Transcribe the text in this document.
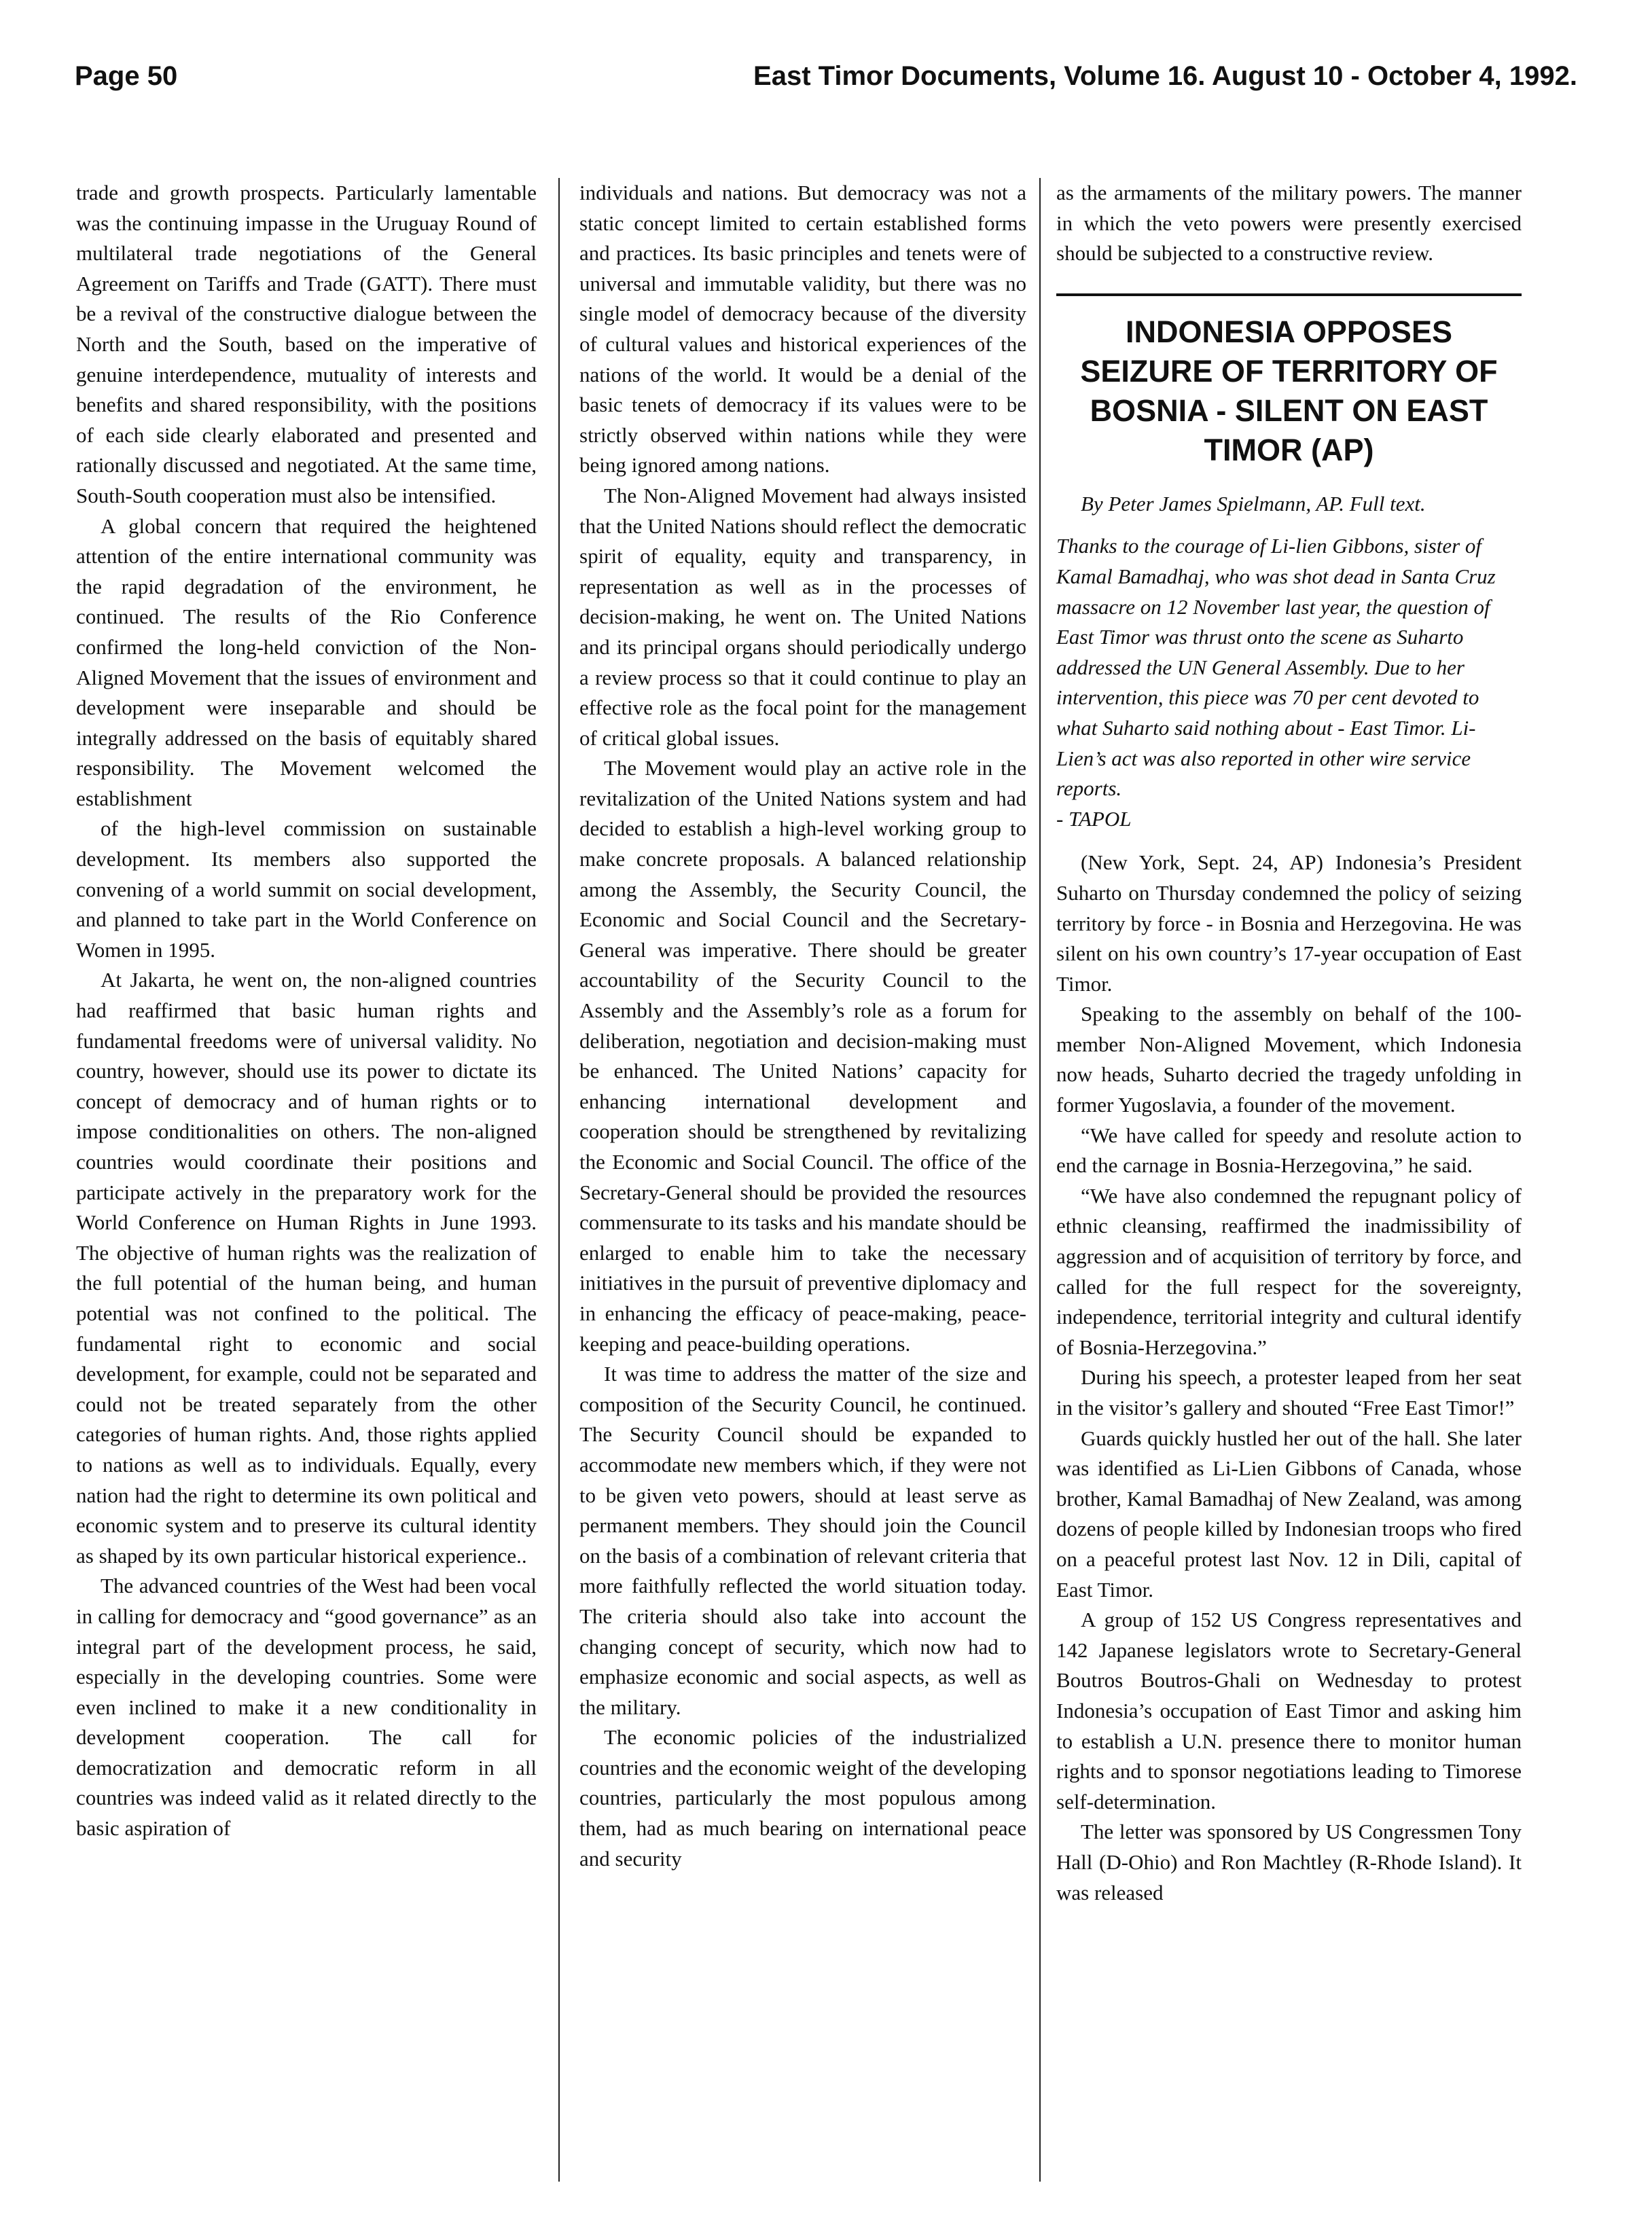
Page 50	East Timor Documents, Volume 16. August 10 - October 4, 1992.

trade and growth prospects. Particularly lamentable was the continuing impasse in the Uruguay Round of multilateral trade negotiations of the General Agreement on Tariffs and Trade (GATT). There must be a revival of the constructive dialogue between the North and the South, based on the imperative of genuine interdependence, mutuality of interests and benefits and shared responsibility, with the positions of each side clearly elaborated and presented and rationally discussed and negotiated. At the same time, South-South cooperation must also be intensified.

A global concern that required the heightened attention of the entire international community was the rapid degradation of the environment, he continued. The results of the Rio Conference confirmed the long-held conviction of the Non-Aligned Movement that the issues of environment and development were inseparable and should be integrally addressed on the basis of equitably shared responsibility. The Movement welcomed the establishment

of the high-level commission on sustainable development. Its members also supported the convening of a world summit on social development, and planned to take part in the World Conference on Women in 1995.

At Jakarta, he went on, the non-aligned countries had reaffirmed that basic human rights and fundamental freedoms were of universal validity. No country, however, should use its power to dictate its concept of democracy and of human rights or to impose conditionalities on others. The non-aligned countries would coordinate their positions and participate actively in the preparatory work for the World Conference on Human Rights in June 1993. The objective of human rights was the realization of the full potential of the human being, and human potential was not confined to the political. The fundamental right to economic and social development, for example, could not be separated and could not be treated separately from the other categories of human rights. And, those rights applied to nations as well as to individuals. Equally, every nation had the right to determine its own political and economic system and to preserve its cultural identity as shaped by its own particular historical experience..

The advanced countries of the West had been vocal in calling for democracy and “good governance” as an integral part of the development process, he said, especially in the developing countries. Some were even inclined to make it a new conditionality in development cooperation. The call for democratization and democratic reform in all countries was indeed valid as it related directly to the basic aspiration of

individuals and nations. But democracy was not a static concept limited to certain established forms and practices. Its basic principles and tenets were of universal and immutable validity, but there was no single model of democracy because of the diversity of cultural values and historical experiences of the nations of the world. It would be a denial of the basic tenets of democracy if its values were to be strictly observed within nations while they were being ignored among nations.

The Non-Aligned Movement had always insisted that the United Nations should reflect the democratic spirit of equality, equity and transparency, in representation as well as in the processes of decision-making, he went on. The United Nations and its principal organs should periodically undergo a review process so that it could continue to play an effective role as the focal point for the management of critical global issues.

The Movement would play an active role in the revitalization of the United Nations system and had decided to establish a high-level working group to make concrete proposals. A balanced relationship among the Assembly, the Security Council, the Economic and Social Council and the Secretary-General was imperative. There should be greater accountability of the Security Council to the Assembly and the Assembly’s role as a forum for deliberation, negotiation and decision-making must be enhanced. The United Nations’ capacity for enhancing international development and cooperation should be strengthened by revitalizing the Economic and Social Council. The office of the Secretary-General should be provided the resources commensurate to its tasks and his mandate should be enlarged to enable him to take the necessary initiatives in the pursuit of preventive diplomacy and in enhancing the efficacy of peace-making, peace-keeping and peace-building operations.

It was time to address the matter of the size and composition of the Security Council, he continued. The Security Council should be expanded to accommodate new members which, if they were not to be given veto powers, should at least serve as permanent members. They should join the Council on the basis of a combination of relevant criteria that more faithfully reflected the world situation today. The criteria should also take into account the changing concept of security, which now had to emphasize economic and social aspects, as well as the military.

The economic policies of the industrialized countries and the economic weight of the developing countries, particularly the most populous among them, had as much bearing on international peace and security

as the armaments of the military powers. The manner in which the veto powers were presently exercised should be subjected to a constructive review.

INDONESIA OPPOSES SEIZURE OF TERRITORY OF BOSNIA - SILENT ON EAST TIMOR (AP)

By Peter James Spielmann, AP. Full text.

Thanks to the courage of Li-lien Gibbons, sister of Kamal Bamadhaj, who was shot dead in Santa Cruz massacre on 12 November last year, the question of East Timor was thrust onto the scene as Suharto addressed the UN General Assembly. Due to her intervention, this piece was 70 per cent devoted to what Suharto said nothing about - East Timor. Li-Lien’s act was also reported in other wire service reports.

- TAPOL

(New York, Sept. 24, AP) Indonesia’s President Suharto on Thursday condemned the policy of seizing territory by force - in Bosnia and Herzegovina. He was silent on his own country’s 17-year occupation of East Timor.

Speaking to the assembly on behalf of the 100-member Non-Aligned Movement, which Indonesia now heads, Suharto decried the tragedy unfolding in former Yugoslavia, a founder of the movement.

“We have called for speedy and resolute action to end the carnage in Bosnia-Herzegovina,” he said.

“We have also condemned the repugnant policy of ethnic cleansing, reaffirmed the inadmissibility of aggression and of acquisition of territory by force, and called for the full respect for the sovereignty, independence, territorial integrity and cultural identify of Bosnia-Herzegovina.”

During his speech, a protester leaped from her seat in the visitor’s gallery and shouted “Free East Timor!”

Guards quickly hustled her out of the hall. She later was identified as Li-Lien Gibbons of Canada, whose brother, Kamal Bamadhaj of New Zealand, was among dozens of people killed by Indonesian troops who fired on a peaceful protest last Nov. 12 in Dili, capital of East Timor.

A group of 152 US Congress representatives and 142 Japanese legislators wrote to Secretary-General Boutros Boutros-Ghali on Wednesday to protest Indonesia’s occupation of East Timor and asking him to establish a U.N. presence there to monitor human rights and to sponsor negotiations leading to Timorese self-determination.

The letter was sponsored by US Congressmen Tony Hall (D-Ohio) and Ron Machtley (R-Rhode Island). It was released
